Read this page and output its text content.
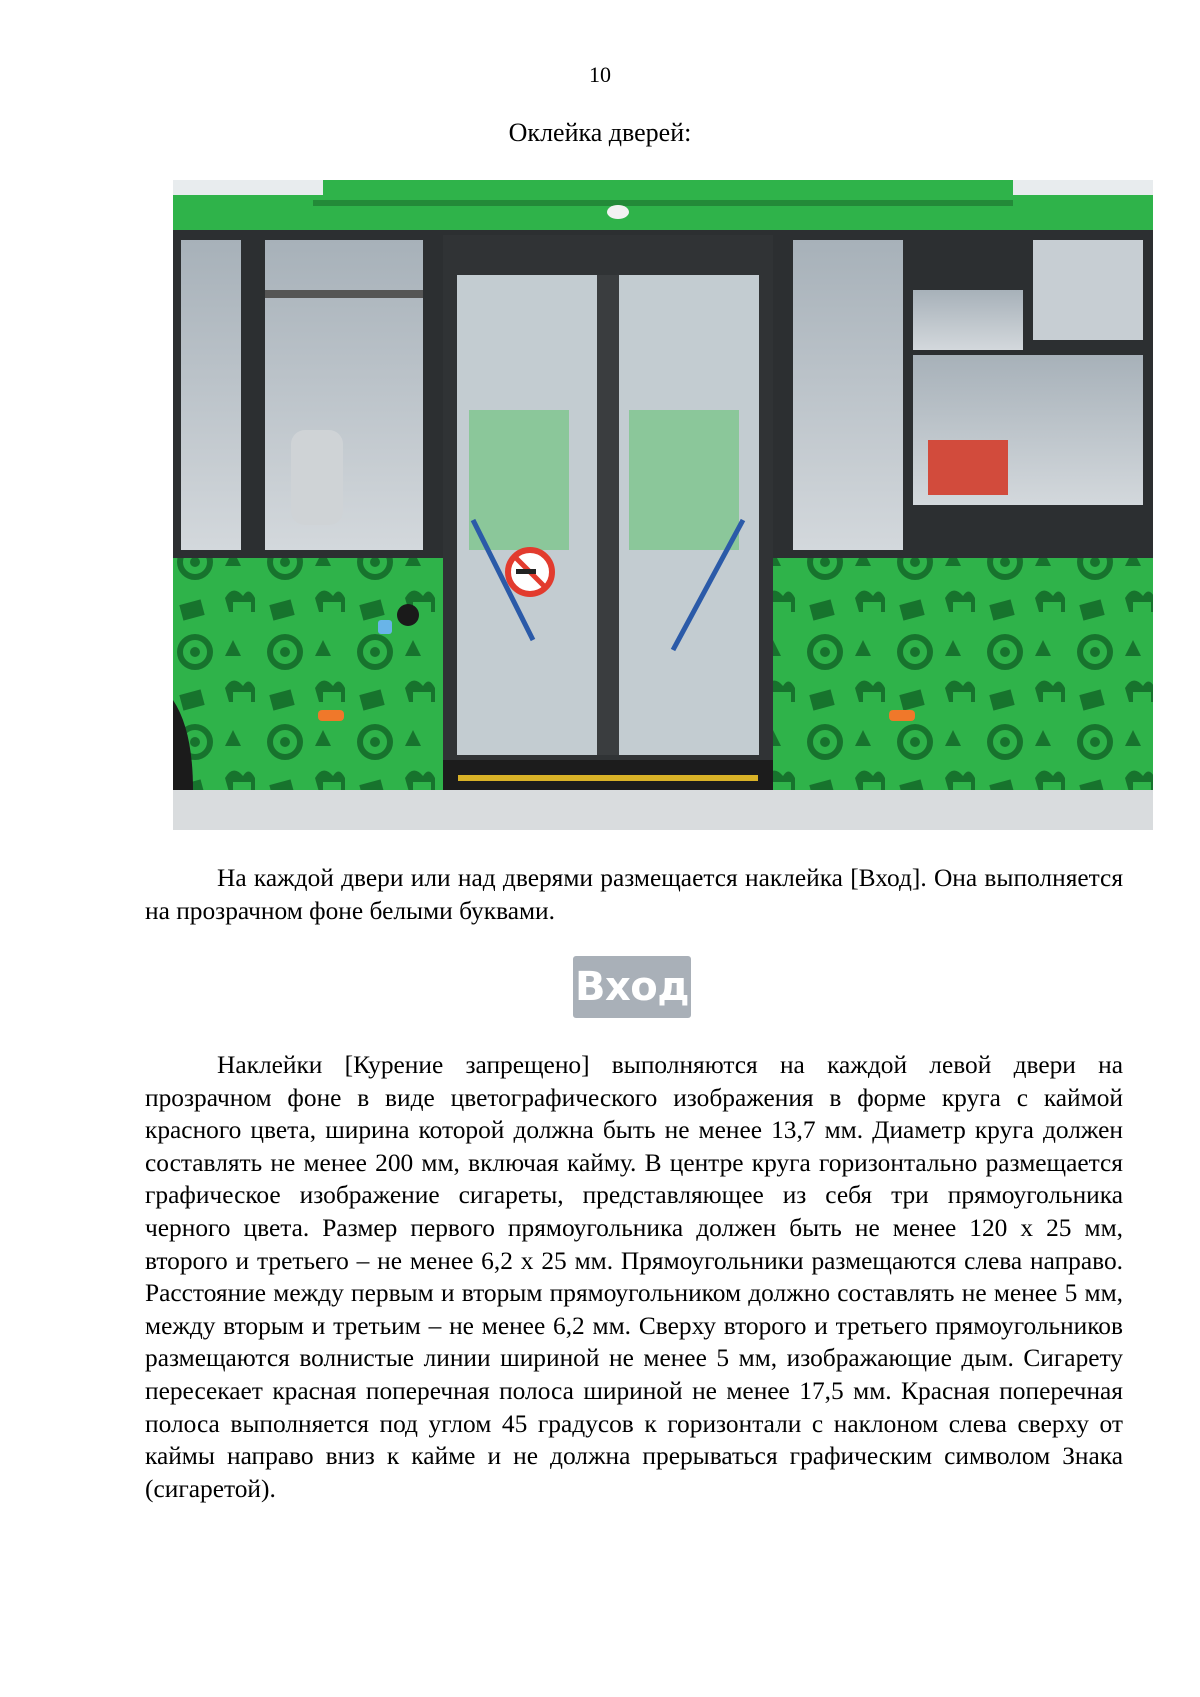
10
Оклейка дверей:

На каждой двери или над дверями размещается наклейка [Вход]. Она выполняется на прозрачном фоне белыми буквами.

Вход

Наклейки [Курение запрещено] выполняются на каждой левой двери на прозрачном фоне в виде цветографического изображения в форме круга с каймой красного цвета, ширина которой должна быть не менее 13,7 мм. Диаметр круга должен составлять не менее 200 мм, включая кайму. В центре круга горизонтально размещается графическое изображение сигареты, представляющее из себя три прямоугольника черного цвета. Размер первого прямоугольника должен быть не менее 120 х 25 мм, второго и третьего – не менее 6,2 х 25 мм. Прямоугольники размещаются слева направо. Расстояние между первым и вторым прямоугольником должно составлять не менее 5 мм, между вторым и третьим – не менее 6,2 мм. Сверху второго и третьего прямоугольников размещаются волнистые линии шириной не менее 5 мм, изображающие дым. Сигарету пересекает красная поперечная полоса шириной не менее 17,5 мм. Красная поперечная полоса выполняется под углом 45 градусов к горизонтали с наклоном слева сверху от каймы направо вниз к кайме и не должна прерываться графическим символом Знака (сигаретой).
